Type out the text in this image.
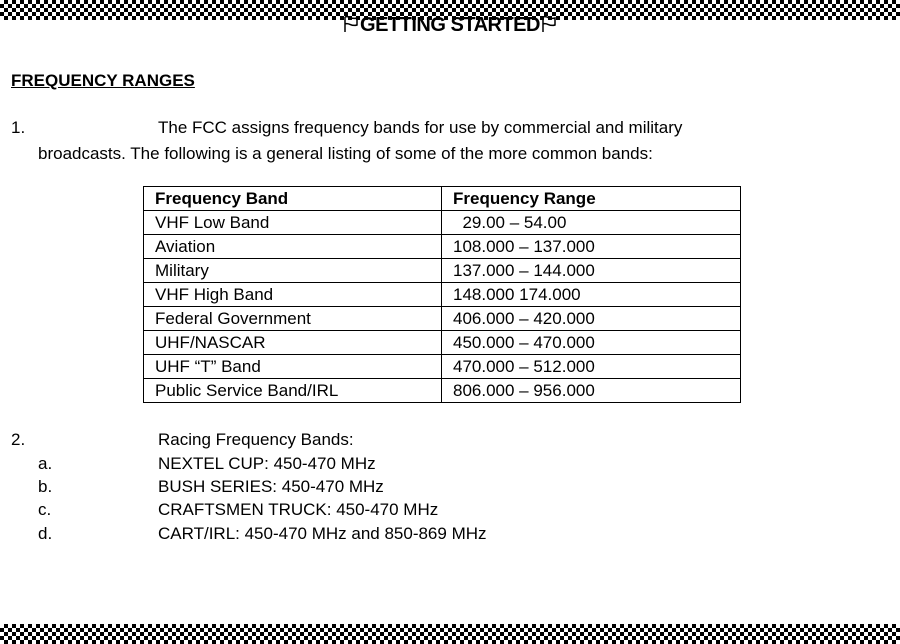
GETTING STARTED
FREQUENCY RANGES
1.	The FCC assigns frequency bands for use by commercial and military
broadcasts. The following is a general listing of some of the more common bands:
Frequency Band	Frequency Range
VHF Low Band	29.00 – 54.00
Aviation	108.000 – 137.000
Military	137.000 – 144.000
VHF High Band	148.000 174.000
Federal Government	406.000 – 420.000
UHF/NASCAR	450.000 – 470.000
UHF “T” Band	470.000 – 512.000
Public Service Band/IRL	806.000 – 956.000
2.	Racing Frequency Bands:
a.	NEXTEL CUP: 450-470 MHz
b.	BUSH SERIES: 450-470 MHz
c.	CRAFTSMEN TRUCK: 450-470 MHz
d.	CART/IRL: 450-470 MHz and 850-869 MHz
